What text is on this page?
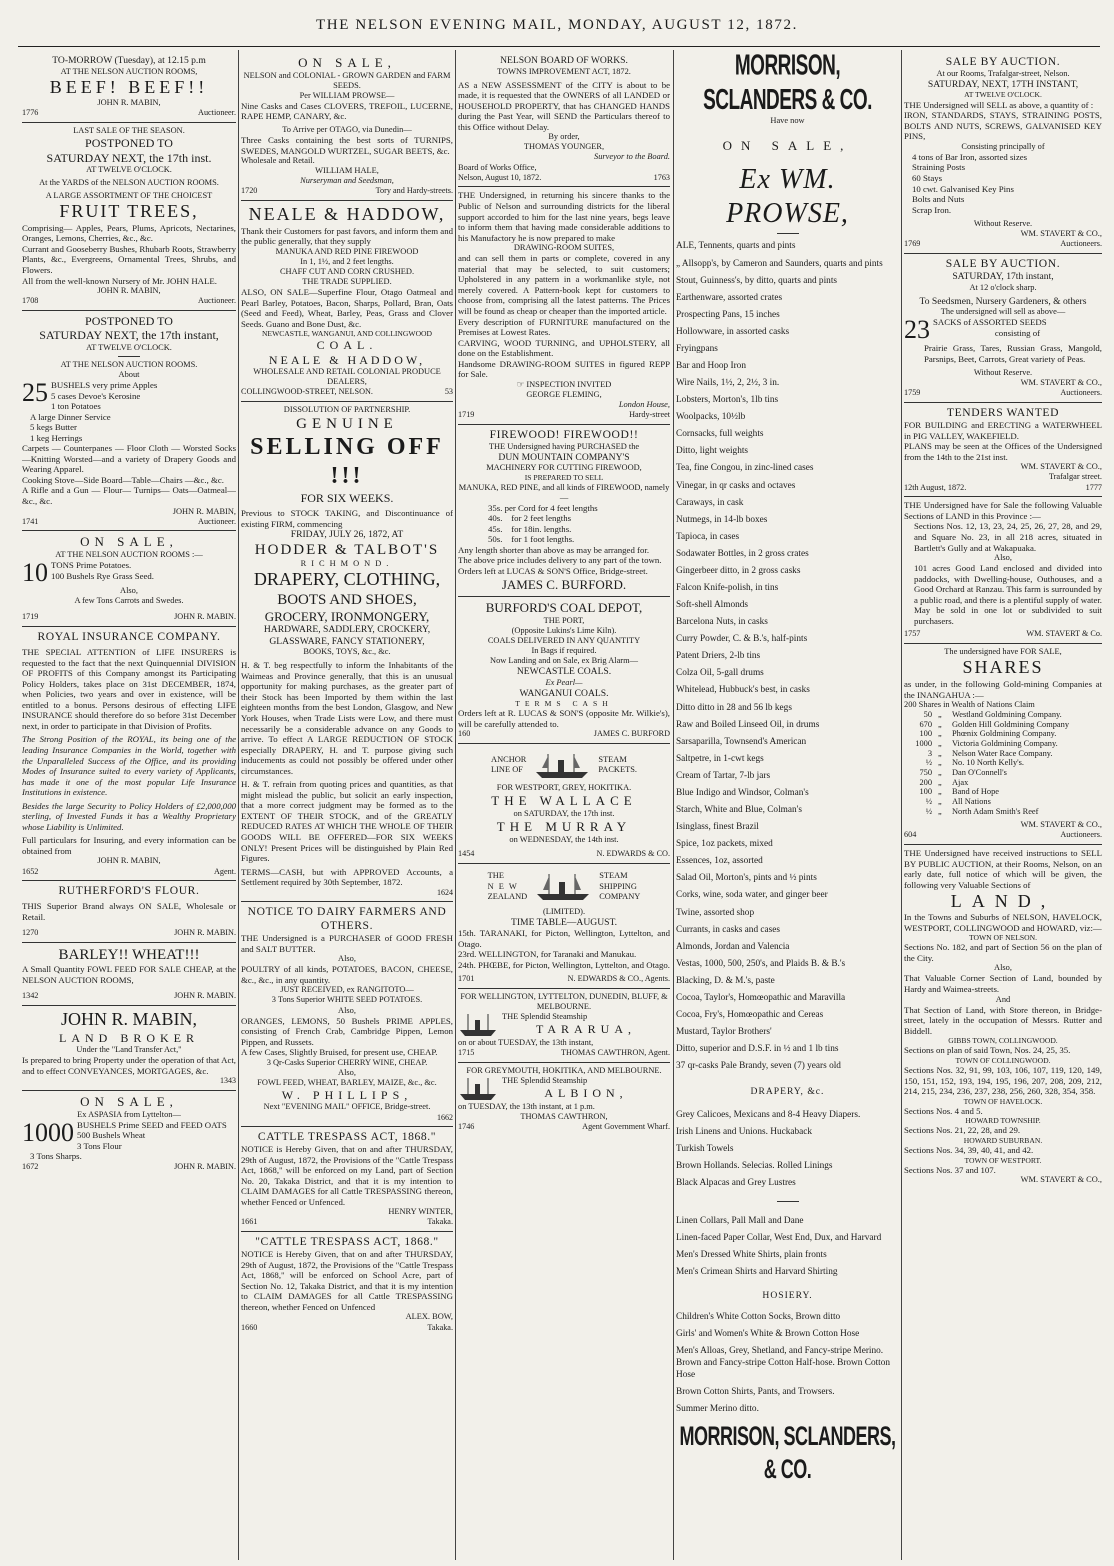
THE NELSON EVENING MAIL, MONDAY, AUGUST 12, 1872.
TO-MORROW (Tuesday), at 12.15 p.m
AT THE NELSON AUCTION ROOMS,
BEEF! BEEF!!
JOHN R. MABIN,
1776	Auctioneer.
LAST SALE OF THE SEASON.
POSTPONED TO
SATURDAY NEXT, the 17th inst.
AT TWELVE O'CLOCK.
At the YARDS of the NELSON AUCTION ROOMS.
A LARGE ASSORTMENT OF THE CHOICEST
FRUIT TREES,
Comprising— Apples, Pears, Plums, Apricots, Nectarines, Oranges, Lemons, Cherries, &c., &c.
Currant and Gooseberry Bushes, Rhubarb Roots, Strawberry Plants, &c., Evergreens, Ornamental Trees, Shrubs, and Flowers.
All from the well-known Nursery of Mr. JOHN HALE.
JOHN R. MABIN,
1708	Auctioneer.
POSTPONED TO
SATURDAY NEXT, the 17th instant,
AT TWELVE O'CLOCK.
AT THE NELSON AUCTION ROOMS.
About
25 BUSHELS very prime Apples
5 cases Devoe's Kerosine
1 ton Potatoes
A large Dinner Service
5 kegs Butter
1 keg Herrings
Carpets — Counterpanes — Floor Cloth — Worsted Socks—Knitting Worsted—and a variety of Drapery Goods and Wearing Apparel.
Cooking Stove—Side Board—Table—Chairs —&c., &c.
A Rifle and a Gun — Flour— Turnips— Oats—Oatmeal—&c., &c.
JOHN R. MABIN,
1741	Auctioneer.
ON SALE,
AT THE NELSON AUCTION ROOMS :—
10 TONS Prime Potatoes.
100 Bushels Rye Grass Seed.
Also,
A few Tons Carrots and Swedes.
1719	JOHN R. MABIN.
ROYAL INSURANCE COMPANY.
THE SPECIAL ATTENTION of LIFE INSURERS is requested to the fact that the next Quinquennial DIVISION OF PROFITS of this Company amongst its Participating Policy Holders, takes place on 31st DECEMBER, 1874, when Policies, two years and over in existence, will be entitled to a bonus. Persons desirous of effecting LIFE INSURANCE should therefore do so before 31st December next, in order to participate in that Division of Profits.
The Strong Position of the ROYAL, its being one of the leading Insurance Companies in the World, together with the Unparalleled Success of the Office, and its providing Modes of Insurance suited to every variety of Applicants, has made it one of the most popular Life Insurance Institutions in existence.
Besides the large Security to Policy Holders of £2,000,000 sterling, of Invested Funds it has a Wealthy Proprietary whose Liability is Unlimited.
Full particulars for Insuring, and every information can be obtained from
JOHN R. MABIN,
1652	Agent.
RUTHERFORD'S FLOUR.
THIS Superior Brand always ON SALE, Wholesale or Retail.
1270	JOHN R. MABIN.
BARLEY!! WHEAT!!!
A Small Quantity FOWL FEED FOR SALE CHEAP, at the NELSON AUCTION ROOMS,
1342	JOHN R. MABIN.
JOHN R. MABIN,
LAND BROKER
Under the "Land Transfer Act,"
Is prepared to bring Property under the operation of that Act, and to effect CONVEYANCES, MORTGAGES, &c.
1343
ON SALE,
Ex ASPASIA from Lyttelton—
1000 BUSHELS Prime SEED and FEED OATS
500 Bushels Wheat
3 Tons Flour
3 Tons Sharps.
1672	JOHN R. MABIN.
ON SALE,
NELSON and COLONIAL - GROWN GARDEN and FARM SEEDS.
Per WILLIAM PROWSE—
Nine Casks and Cases CLOVERS, TREFOIL, LUCERNE, RAPE HEMP, CANARY, &c.
To Arrive per OTAGO, via Dunedin—
Three Casks containing the best sorts of TURNIPS, SWEDES, MANGOLD WURTZEL, SUGAR BEETS, &c.
Wholesale and Retail.
WILLIAM HALE,
Nurseryman and Seedsman,
1720	Tory and Hardy-streets.
NEALE & HADDOW,
Thank their Customers for past favors, and inform them and the public generally, that they supply
MANUKA AND RED PINE FIREWOOD
In 1, 1½, and 2 feet lengths.
CHAFF CUT AND CORN CRUSHED.
THE TRADE SUPPLIED.
ALSO, ON SALE—Superfine Flour, Otago Oatmeal and Pearl Barley, Potatoes, Bacon, Sharps, Pollard, Bran, Oats (Seed and Feed), Wheat, Barley, Peas, Grass and Clover Seeds. Guano and Bone Dust, &c.
NEWCASTLE, WANGANUI, AND COLLINGWOOD
COAL.
NEALE & HADDOW,
WHOLESALE AND RETAIL COLONIAL PRODUCE DEALERS,
COLLINGWOOD-STREET, NELSON.	53
DISSOLUTION OF PARTNERSHIP.
GENUINE
SELLING OFF !!!
FOR SIX WEEKS.
Previous to STOCK TAKING, and Discontinuance of existing FIRM, commencing
FRIDAY, JULY 26, 1872, AT
HODDER & TALBOT'S
RICHMOND.
DRAPERY, CLOTHING,
BOOTS AND SHOES,
GROCERY, IRONMONGERY,
HARDWARE, SADDLERY, CROCKERY,
GLASSWARE, FANCY STATIONERY,
BOOKS, TOYS, &c., &c.
H. & T. beg respectfully to inform the Inhabitants of the Waimeas and Province generally, that this is an unusual opportunity for making purchases, as the greater part of their Stock has been Imported by them within the last eighteen months from the best London, Glasgow, and New York Houses, when Trade Lists were Low, and there must necessarily be a considerable advance on any Goods to arrive. To effect A LARGE REDUCTION OF STOCK especially DRAPERY, H. and T. purpose giving such inducements as could not possibly be offered under other circumstances.
H. & T. refrain from quoting prices and quantities, as that might mislead the public, but solicit an early inspection, that a more correct judgment may be formed as to the EXTENT OF THEIR STOCK, and of the GREATLY REDUCED RATES AT WHICH THE WHOLE OF THEIR GOODS WILL BE OFFERED—FOR SIX WEEKS ONLY! Present Prices will be distinguished by Plain Red Figures.
TERMS—CASH, but with APPROVED Accounts, a Settlement required by 30th September, 1872.
1624
NOTICE TO DAIRY FARMERS AND OTHERS.
THE Undersigned is a PURCHASER of GOOD FRESH and SALT BUTTER.
Also,
POULTRY of all kinds, POTATOES, BACON, CHEESE, &c., &c., in any quantity.
JUST RECEIVED, ex RANGITOTO—
3 Tons Superior WHITE SEED POTATOES.
Also,
ORANGES, LEMONS, 50 Bushels PRIME APPLES, consisting of French Crab, Cambridge Pippen, Lemon Pippen, and Russets.
A few Cases, Slightly Bruised, for present use, CHEAP.
3 Qr-Casks Superior CHERRY WINE, CHEAP.
Also,
FOWL FEED, WHEAT, BARLEY, MAIZE, &c., &c.
W. PHILLIPS,
Next "EVENING MAIL" OFFICE, Bridge-street.
1662
CATTLE TRESPASS ACT, 1868."
NOTICE is Hereby Given, that on and after THURSDAY, 29th of August, 1872, the Provisions of the "Cattle Trespass Act, 1868," will be enforced on my Land, part of Section No. 20, Takaka District, and that it is my intention to CLAIM DAMAGES for all Cattle TRESPASSING thereon, whether Fenced or Unfenced.
HENRY WINTER,
1661	Takaka.
"CATTLE TRESPASS ACT, 1868."
NOTICE is Hereby Given, that on and after THURSDAY, 29th of August, 1872, the Provisions of the "Cattle Trespass Act, 1868," will be enforced on School Acre, part of Section No. 12, Takaka District, and that it is my intention to CLAIM DAMAGES for all Cattle TRESPASSING thereon, whether Fenced on Unfenced
ALEX. BOW,
1660	Takaka.
NELSON BOARD OF WORKS.
TOWNS IMPROVEMENT ACT, 1872.
AS a NEW ASSESSMENT of the CITY is about to be made, it is requested that the OWNERS of all LANDED or HOUSEHOLD PROPERTY, that has CHANGED HANDS during the Past Year, will SEND the Particulars thereof to this Office without Delay.
By order,
THOMAS YOUNGER,
Surveyor to the Board.
Board of Works Office,
Nelson, August 10, 1872.	1763
THE Undersigned, in returning his sincere thanks to the Public of Nelson and surrounding districts for the liberal support accorded to him for the last nine years, begs leave to inform them that having made considerable additions to his Manufactory he is now prepared to make
DRAWING-ROOM SUITES,
and can sell them in parts or complete, covered in any material that may be selected, to suit customers; Upholstered in any pattern in a workmanlike style, not merely covered. A Pattern-book kept for customers to choose from, comprising all the latest patterns. The Prices will be found as cheap or cheaper than the imported article.
Every description of FURNITURE manufactured on the Premises at Lowest Rates.
CARVING, WOOD TURNING, and UPHOLSTERY, all done on the Establishment.
Handsome DRAWING-ROOM SUITES in figured REPP for Sale.
☞ INSPECTION INVITED
GEORGE FLEMING,
London House,
1719	Hardy-street
FIREWOOD! FIREWOOD!!
THE Undersigned having PURCHASED the
DUN MOUNTAIN COMPANY'S
MACHINERY FOR CUTTING FIREWOOD,
IS PREPARED TO SELL
MANUKA, RED PINE, and all kinds of FIREWOOD, namely—
35s. per Cord for 4 feet lengths
40s. for 2 feet lengths
45s. for 18in. lengths.
50s. for 1 foot lengths.
Any length shorter than above as may be arranged for.
The above price includes delivery to any part of the town.
Orders left at LUCAS & SON'S Office, Bridge-street.
JAMES C. BURFORD.
BURFORD'S COAL DEPOT,
THE PORT,
(Opposite Lukins's Lime Kiln).
COALS DELIVERED IN ANY QUANTITY
In Bags if required.
Now Landing and on Sale, ex Brig Alarm—
NEWCASTLE COALS.
Ex Pearl—
WANGANUI COALS.
TERMS CASH
Orders left at R. LUCAS & SON'S (opposite Mr. Wilkie's), will be carefully attended to.
160	JAMES C. BURFORD
ANCHOR
LINE OF
STEAM
PACKETS.
FOR WESTPORT, GREY, HOKITIKA.
THE WALLACE
on SATURDAY, the 17th inst.
THE MURRAY
on WEDNESDAY, the 14th inst.
1454	N. EDWARDS & CO.
THE
NEW
ZEALAND
STEAM
SHIPPING
COMPANY
(LIMITED).
TIME TABLE—AUGUST.
15th. TARANAKI, for Picton, Wellington, Lyttelton, and Otago.
23rd. WELLINGTON, for Taranaki and Manukau.
24th. PHŒBE, for Picton, Wellington, Lyttelton, and Otago.
1701	N. EDWARDS & CO., Agents.
FOR WELLINGTON, LYTTELTON, DUNEDIN, BLUFF, & MELBOURNE.
THE Splendid Steamship
TARARUA,
on or about TUESDAY, the 13th instant,
1715	THOMAS CAWTHRON, Agent.
FOR GREYMOUTH, HOKITIKA, AND MELBOURNE.
THE Splendid Steamship
ALBION,
on TUESDAY, the 13th instant, at 1 p.m.
THOMAS CAWTHRON,
1746	Agent Government Wharf.
MORRISON, SCLANDERS & CO.
Have now
ON SALE,
Ex WM. PROWSE,
ALE, Tennents, quarts and pints
„ Allsopp's, by Cameron and Saunders, quarts and pints
Stout, Guinness's, by ditto, quarts and pints
Earthenware, assorted crates
Prospecting Pans, 15 inches
Hollowware, in assorted casks
Fryingpans
Bar and Hoop Iron
Wire Nails, 1½, 2, 2½, 3 in.
Lobsters, Morton's, 1lb tins
Woolpacks, 10½lb
Cornsacks, full weights
Ditto, light weights
Tea, fine Congou, in zinc-lined cases
Vinegar, in qr casks and octaves
Caraways, in cask
Nutmegs, in 14-lb boxes
Tapioca, in cases
Sodawater Bottles, in 2 gross crates
Gingerbeer ditto, in 2 gross casks
Falcon Knife-polish, in tins
Soft-shell Almonds
Barcelona Nuts, in casks
Curry Powder, C. & B.'s, half-pints
Patent Driers, 2-lb tins
Colza Oil, 5-gall drums
Whitelead, Hubbuck's best, in casks
Ditto ditto in 28 and 56 lb kegs
Raw and Boiled Linseed Oil, in drums
Sarsaparilla, Townsend's American
Saltpetre, in 1-cwt kegs
Cream of Tartar, 7-lb jars
Blue Indigo and Windsor, Colman's
Starch, White and Blue, Colman's
Isinglass, finest Brazil
Spice, 1oz packets, mixed
Essences, 1oz, assorted
Salad Oil, Morton's, pints and ½ pints
Corks, wine, soda water, and ginger beer
Twine, assorted shop
Currants, in casks and cases
Almonds, Jordan and Valencia
Vestas, 1000, 500, 250's, and Plaids B. & B.'s
Blacking, D. & M.'s, paste
Cocoa, Taylor's, Homœopathic and Maravilla
Cocoa, Fry's, Homœopathic and Cereas
Mustard, Taylor Brothers'
Ditto, superior and D.S.F. in ½ and 1 lb tins
37 qr-casks Pale Brandy, seven (7) years old
DRAPERY, &c.
Grey Calicoes, Mexicans and 8-4 Heavy Diapers.
Irish Linens and Unions. Huckaback
Turkish Towels
Brown Hollands. Selecias. Rolled Linings
Black Alpacas and Grey Lustres
Linen Collars, Pall Mall and Dane
Linen-faced Paper Collar, West End, Dux, and Harvard
Men's Dressed White Shirts, plain fronts
Men's Crimean Shirts and Harvard Shirting
HOSIERY.
Children's White Cotton Socks, Brown ditto
Girls' and Women's White & Brown Cotton Hose
Men's Alloas, Grey, Shetland, and Fancy-stripe Merino. Brown and Fancy-stripe Cotton Half-hose. Brown Cotton Hose
Brown Cotton Shirts, Pants, and Trowsers.
Summer Merino ditto.
MORRISON, SCLANDERS, & CO.
SALE BY AUCTION.
At our Rooms, Trafalgar-street, Nelson.
SATURDAY, NEXT, 17TH INSTANT,
AT TWELVE O'CLOCK.
THE Undersigned will SELL as above, a quantity of :
IRON, STANDARDS, STAYS, STRAINING POSTS, BOLTS AND NUTS, SCREWS, GALVANISED KEY PINS,
Consisting principally of
4 tons of Bar Iron, assorted sizes
Straining Posts
60 Stays
10 cwt. Galvanised Key Pins
Bolts and Nuts
Scrap Iron.
Without Reserve.
WM. STAVERT & CO.,
1769	Auctioneers.
SALE BY AUCTION.
SATURDAY, 17th instant,
At 12 o'clock sharp.
To Seedsmen, Nursery Gardeners, & others
The undersigned will sell as above—
23 SACKS of ASSORTED SEEDS
consisting of
Prairie Grass, Tares, Russian Grass, Mangold, Parsnips, Beet, Carrots, Great variety of Peas.
Without Reserve.
WM. STAVERT & CO.,
1759	Auctioneers.
TENDERS WANTED
FOR BUILDING and ERECTING a WATERWHEEL in PIG VALLEY, WAKEFIELD.
PLANS may be seen at the Offices of the Undersigned from the 14th to the 21st inst.
WM. STAVERT & CO.,
Trafalgar street.
12th August, 1872.	1777
THE Undersigned have for Sale the following Valuable Sections of LAND in this Province :—
Sections Nos. 12, 13, 23, 24, 25, 26, 27, 28, and 29, and Square No. 23, in all 218 acres, situated in Bartlett's Gully and at Wakapuaka.
Also,
101 acres Good Land enclosed and divided into paddocks, with Dwelling-house, Outhouses, and a Good Orchard at Ranzau. This farm is surrounded by a public road, and there is a plentiful supply of water. May be sold in one lot or subdivided to suit purchasers.
1757	WM. STAVERT & Co.
The undersigned have FOR SALE,
SHARES
as under, in the following Gold-mining Companies at the INANGAHUA :—
200 Shares in Wealth of Nations Claim
50 „	Westland Goldmining Company.
670 „	Golden Hill Goldmining Company
100 „	Phœnix Goldmining Company.
1000 „	Victoria Goldmining Company.
3 „	Nelson Water Race Company.
½ „	No. 10 North Kelly's.
750 „	Dan O'Connell's
200 „	Ajax
100 „	Band of Hope
½ „	All Nations
½ „	North Adam Smith's Reef
WM. STAVERT & CO.,
604	Auctioneers.
THE Undersigned have received instructions to SELL BY PUBLIC AUCTION, at their Rooms, Nelson, on an early date, full notice of which will be given, the following very Valuable Sections of
LAND,
In the Towns and Suburbs of NELSON, HAVELOCK, WESTPORT, COLLINGWOOD and HOWARD, viz:—
TOWN OF NELSON.
Sections No. 182, and part of Section 56 on the plan of the City.
Also,
That Valuable Corner Section of Land, bounded by Hardy and Waimea-streets.
And
That Section of Land, with Store thereon, in Bridge-street, lately in the occupation of Messrs. Rutter and Biddell.
GIBBS TOWN, COLLINGWOOD.
Sections on plan of said Town, Nos. 24, 25, 35.
TOWN OF COLLINGWOOD.
Sections Nos. 32, 91, 99, 103, 106, 107, 119, 120, 149, 150, 151, 152, 193, 194, 195, 196, 207, 208, 209, 212, 214, 215, 234, 236, 237, 238, 256, 260, 328, 354, 358.
TOWN OF HAVELOCK.
Sections Nos. 4 and 5.
HOWARD TOWNSHIP.
Sections Nos. 21, 22, 28, and 29.
HOWARD SUBURBAN.
Sections Nos. 34, 39, 40, 41, and 42.
TOWN OF WESTPORT.
Sections Nos. 37 and 107.
WM. STAVERT & CO.,
